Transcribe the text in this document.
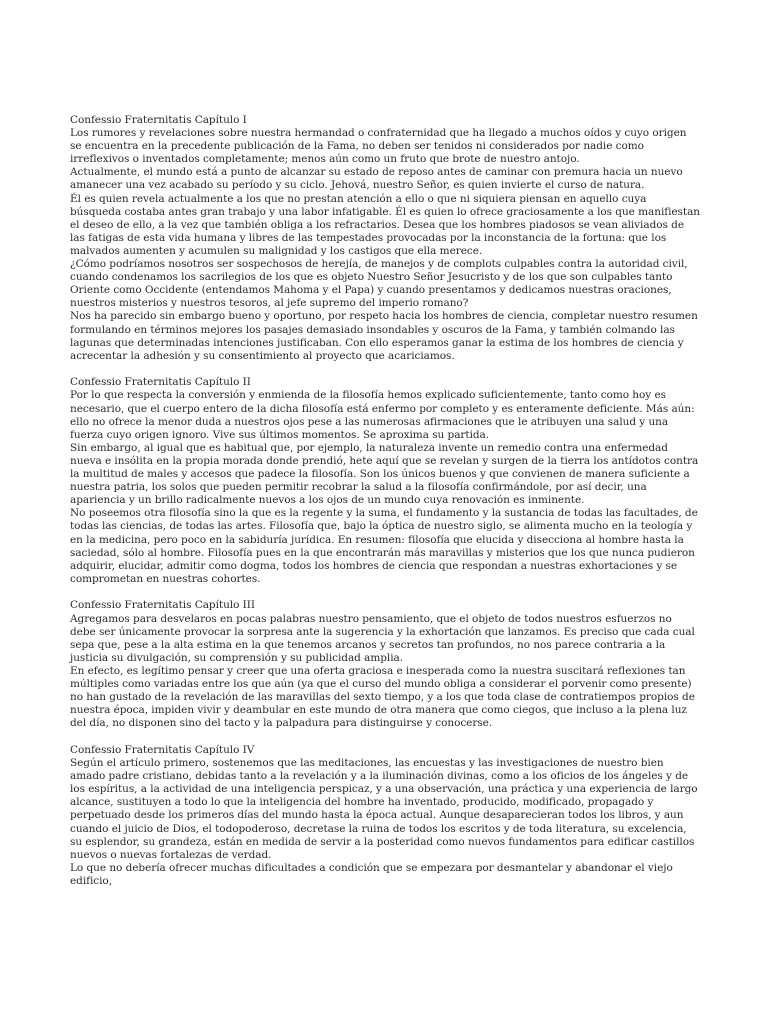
Confessio Fraternitatis Capítulo I

Los rumores y revelaciones sobre nuestra hermandad o confraternidad que ha llegado a muchos oídos y cuyo origen se encuentra en la precedente publicación de la Fama, no deben ser tenidos ni considerados por nadie como irreflexivos o inventados completamente; menos aún como un fruto que brote de nuestro antojo.

Actualmente, el mundo está a punto de alcanzar su estado de reposo antes de caminar con premura hacia un nuevo amanecer una vez acabado su período y su ciclo. Jehová, nuestro Señor, es quien invierte el curso de natura.

Él es quien revela actualmente a los que no prestan atención a ello o que ni siquiera piensan en aquello cuya búsqueda costaba antes gran trabajo y una labor infatigable. Él es quien lo ofrece graciosamente a los que manifiestan el deseo de ello, a la vez que también obliga a los refractarios. Desea que los hombres piadosos se vean aliviados de las fatigas de esta vida humana y libres de las tempestades provocadas por la inconstancia de la fortuna: que los malvados aumenten y acumulen su malignidad y los castigos que ella merece.

¿Cómo podríamos nosotros ser sospechosos de herejía, de manejos y de complots culpables contra la autoridad civil, cuando condenamos los sacrilegios de los que es objeto Nuestro Señor Jesucristo y de los que son culpables tanto Oriente como Occidente (entendamos Mahoma y el Papa) y cuando presentamos y dedicamos nuestras oraciones, nuestros misterios y nuestros tesoros, al jefe supremo del imperio romano?

Nos ha parecido sin embargo bueno y oportuno, por respeto hacia los hombres de ciencia, completar nuestro resumen formulando en términos mejores los pasajes demasiado insondables y oscuros de la Fama, y también colmando las lagunas que determinadas intenciones justificaban. Con ello esperamos ganar la estima de los hombres de ciencia y acrecentar la adhesión y su consentimiento al proyecto que acariciamos.

Confessio Fraternitatis Capítulo II

Por lo que respecta la conversión y enmienda de la filosofía hemos explicado suficientemente, tanto como hoy es necesario, que el cuerpo entero de la dicha filosofía está enfermo por completo y es enteramente deficiente. Más aún: ello no ofrece la menor duda a nuestros ojos pese a las numerosas afirmaciones que le atribuyen una salud y una fuerza cuyo origen ignoro. Vive sus últimos momentos. Se aproxima su partida.

Sin embargo, al igual que es habitual que, por ejemplo, la naturaleza invente un remedio contra una enfermedad nueva e insólita en la propia morada donde prendió, hete aquí que se revelan y surgen de la tierra los antídotos contra la multitud de males y accesos que padece la filosofía. Son los únicos buenos y que convienen de manera suficiente a nuestra patria, los solos que pueden permitir recobrar la salud a la filosofía confirmándole, por así decir, una apariencia y un brillo radicalmente nuevos a los ojos de un mundo cuya renovación es inminente.

No poseemos otra filosofía sino la que es la regente y la suma, el fundamento y la sustancia de todas las facultades, de todas las ciencias, de todas las artes. Filosofía que, bajo la óptica de nuestro siglo, se alimenta mucho en la teología y en la medicina, pero poco en la sabiduría jurídica. En resumen: filosofía que elucida y disecciona al hombre hasta la saciedad, sólo al hombre. Filosofía pues en la que encontrarán más maravillas y misterios que los que nunca pudieron adquirir, elucidar, admitir como dogma, todos los hombres de ciencia que respondan a nuestras exhortaciones y se comprometan en nuestras cohortes.

Confessio Fraternitatis Capítulo III

Agregamos para desvelaros en pocas palabras nuestro pensamiento, que el objeto de todos nuestros esfuerzos no debe ser únicamente provocar la sorpresa ante la sugerencia y la exhortación que lanzamos. Es preciso que cada cual sepa que, pese a la alta estima en la que tenemos arcanos y secretos tan profundos, no nos parece contraria a la justicia su divulgación, su comprensión y su publicidad amplia.

En efecto, es legítimo pensar y creer que una oferta graciosa e inesperada como la nuestra suscitará reflexiones tan múltiples como variadas entre los que aún (ya que el curso del mundo obliga a considerar el porvenir como presente) no han gustado de la revelación de las maravillas del sexto tiempo, y a los que toda clase de contratiempos propios de nuestra época, impiden vivir y deambular en este mundo de otra manera que como ciegos, que incluso a la plena luz del día, no disponen sino del tacto y la palpadura para distinguirse y conocerse.

Confessio Fraternitatis Capítulo IV

Según el artículo primero, sostenemos que las meditaciones, las encuestas y las investigaciones de nuestro bien amado padre cristiano, debidas tanto a la revelación y a la iluminación divinas, como a los oficios de los ángeles y de los espíritus, a la actividad de una inteligencia perspicaz, y a una observación, una práctica y una experiencia de largo alcance, sustituyen a todo lo que la inteligencia del hombre ha inventado, producido, modificado, propagado y perpetuado desde los primeros días del mundo hasta la época actual. Aunque desaparecieran todos los libros, y aun cuando el juicio de Dios, el todopoderoso, decretase la ruina de todos los escritos y de toda literatura, su excelencia, su esplendor, su grandeza, están en medida de servir a la posteridad como nuevos fundamentos para edificar castillos nuevos o nuevas fortalezas de verdad.

Lo que no debería ofrecer muchas dificultades a condición que se empezara por desmantelar y abandonar el viejo edificio,
